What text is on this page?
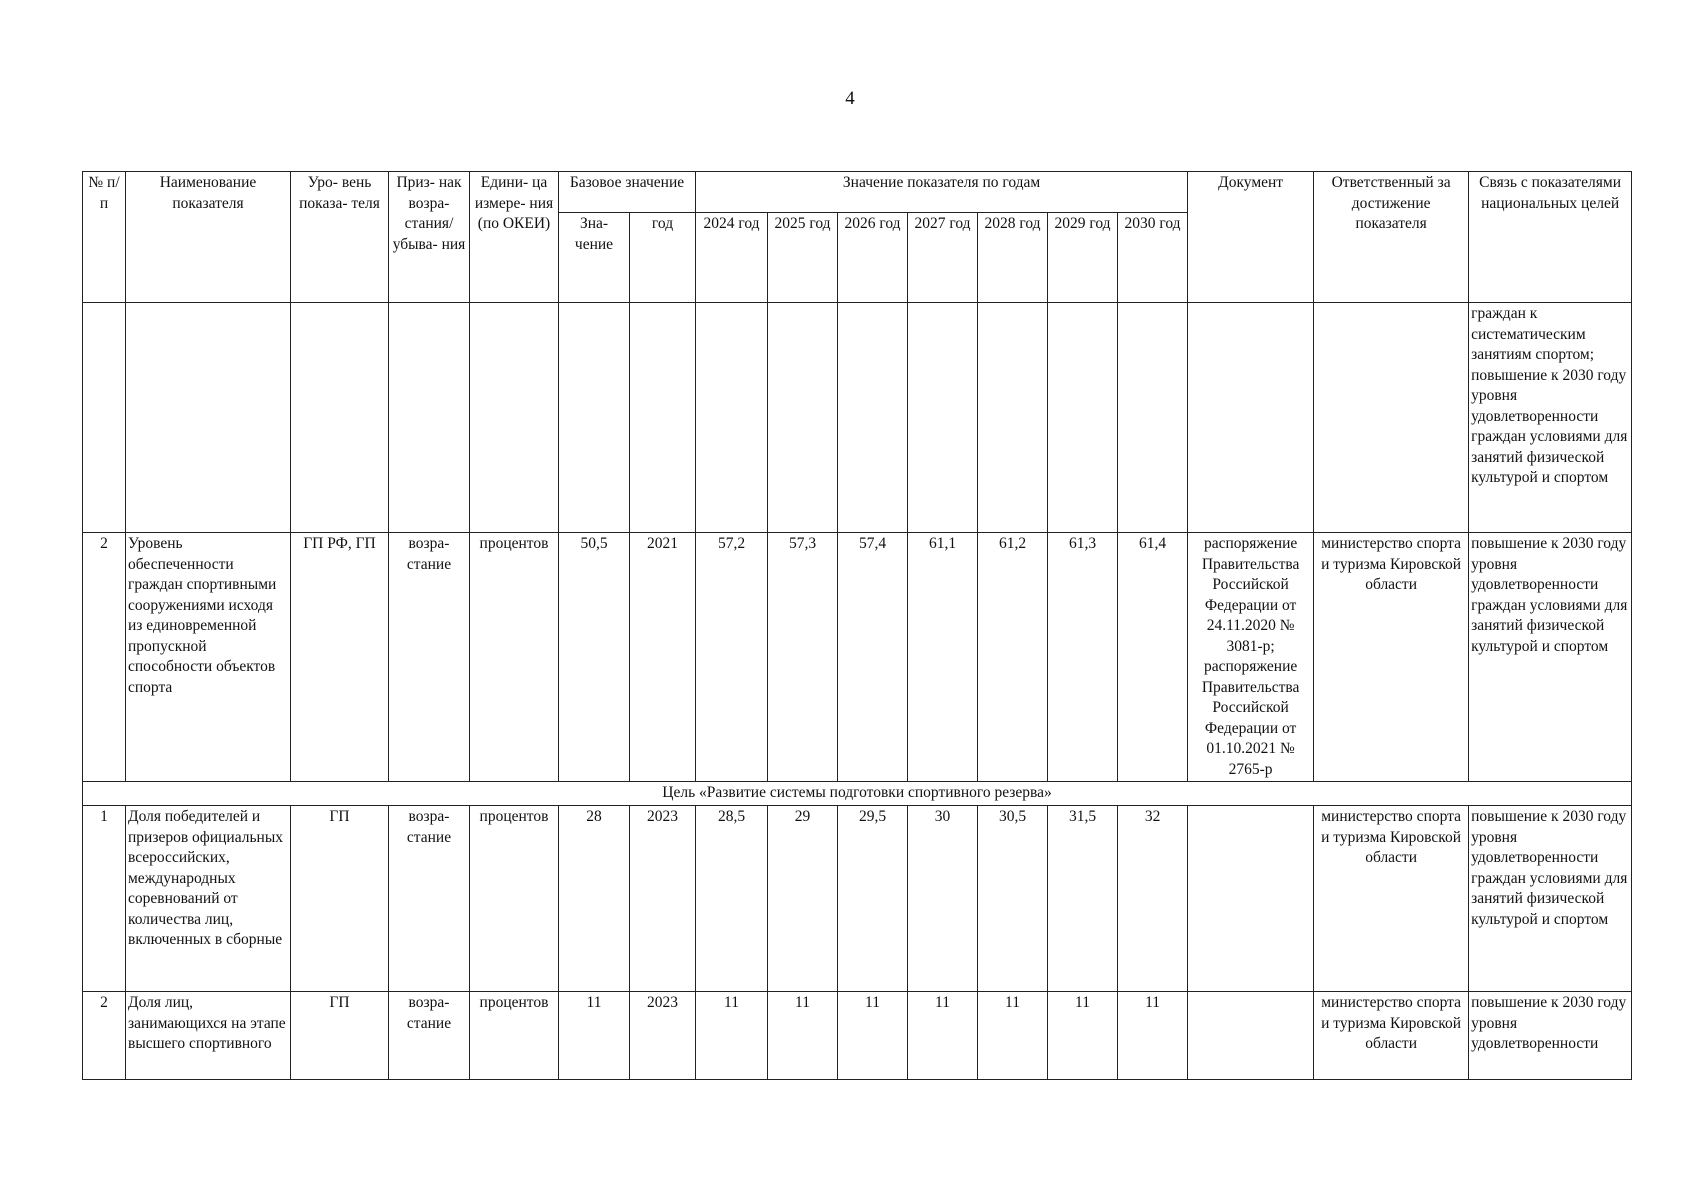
4
№ п/п	Наименование показателя	Уро- вень показа- теля	Приз- нак возра- стания/ убыва- ния	Едини- ца измере- ния (по ОКЕИ)	Базовое значение		Значение показателя по годам							Документ	Ответственный за достижение показателя	Связь с показателями национальных целей
					Зна- чение	год	2024 год	2025 год	2026 год	2027 год	2028 год	2029 год	2030 год			
																граждан к систематическим занятиям спортом; повышение к 2030 году уровня удовлетворенности граждан условиями для занятий физической культурой и спортом
2	Уровень обеспеченности граждан спортивными сооружениями исходя из единовременной пропускной способности объектов спорта	ГП РФ, ГП	возра- стание	процентов	50,5	2021	57,2	57,3	57,4	61,1	61,2	61,3	61,4	распоряжение Правительства Российской Федерации от 24.11.2020 № 3081-р; распоряжение Правительства Российской Федерации от 01.10.2021 № 2765-р	министерство спорта и туризма Кировской области	повышение к 2030 году уровня удовлетворенности граждан условиями для занятий физической культурой и спортом
Цель «Развитие системы подготовки спортивного резерва»																
1	Доля победителей и призеров официальных всероссийских, международных соревнований от количества лиц, включенных в сборные	ГП	возра- стание	процентов	28	2023	28,5	29	29,5	30	30,5	31,5	32		министерство спорта и туризма Кировской области	повышение к 2030 году уровня удовлетворенности граждан условиями для занятий физической культурой и спортом
2	Доля лиц, занимающихся на этапе высшего спортивного	ГП	возра- стание	процентов	11	2023	11	11	11	11	11	11	11		министерство спорта и туризма Кировской области	повышение к 2030 году уровня удовлетворенности
